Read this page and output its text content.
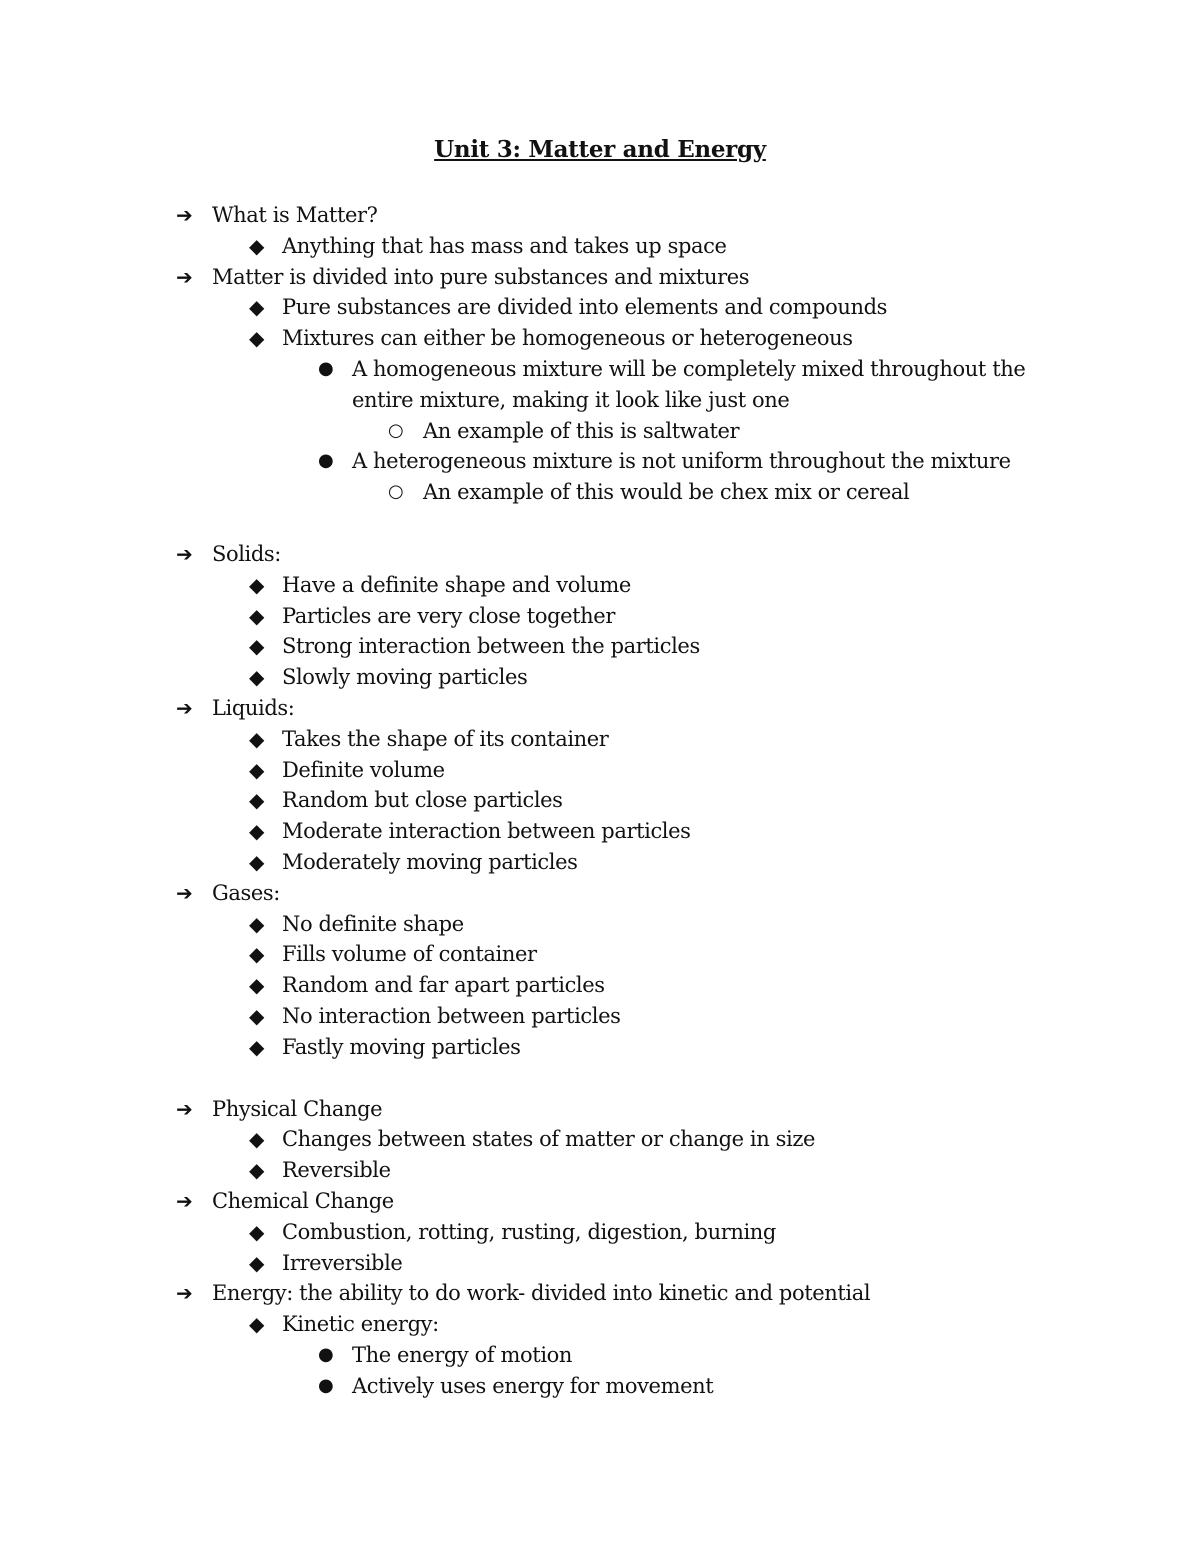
Unit 3: Matter and Energy
➔ What is Matter?
◆ Anything that has mass and takes up space
➔ Matter is divided into pure substances and mixtures
◆ Pure substances are divided into elements and compounds
◆ Mixtures can either be homogeneous or heterogeneous
● A homogeneous mixture will be completely mixed throughout the entire mixture, making it look like just one
○ An example of this is saltwater
● A heterogeneous mixture is not uniform throughout the mixture
○ An example of this would be chex mix or cereal
➔ Solids:
◆ Have a definite shape and volume
◆ Particles are very close together
◆ Strong interaction between the particles
◆ Slowly moving particles
➔ Liquids:
◆ Takes the shape of its container
◆ Definite volume
◆ Random but close particles
◆ Moderate interaction between particles
◆ Moderately moving particles
➔ Gases:
◆ No definite shape
◆ Fills volume of container
◆ Random and far apart particles
◆ No interaction between particles
◆ Fastly moving particles
➔ Physical Change
◆ Changes between states of matter or change in size
◆ Reversible
➔ Chemical Change
◆ Combustion, rotting, rusting, digestion, burning
◆ Irreversible
➔ Energy: the ability to do work- divided into kinetic and potential
◆ Kinetic energy:
● The energy of motion
● Actively uses energy for movement
